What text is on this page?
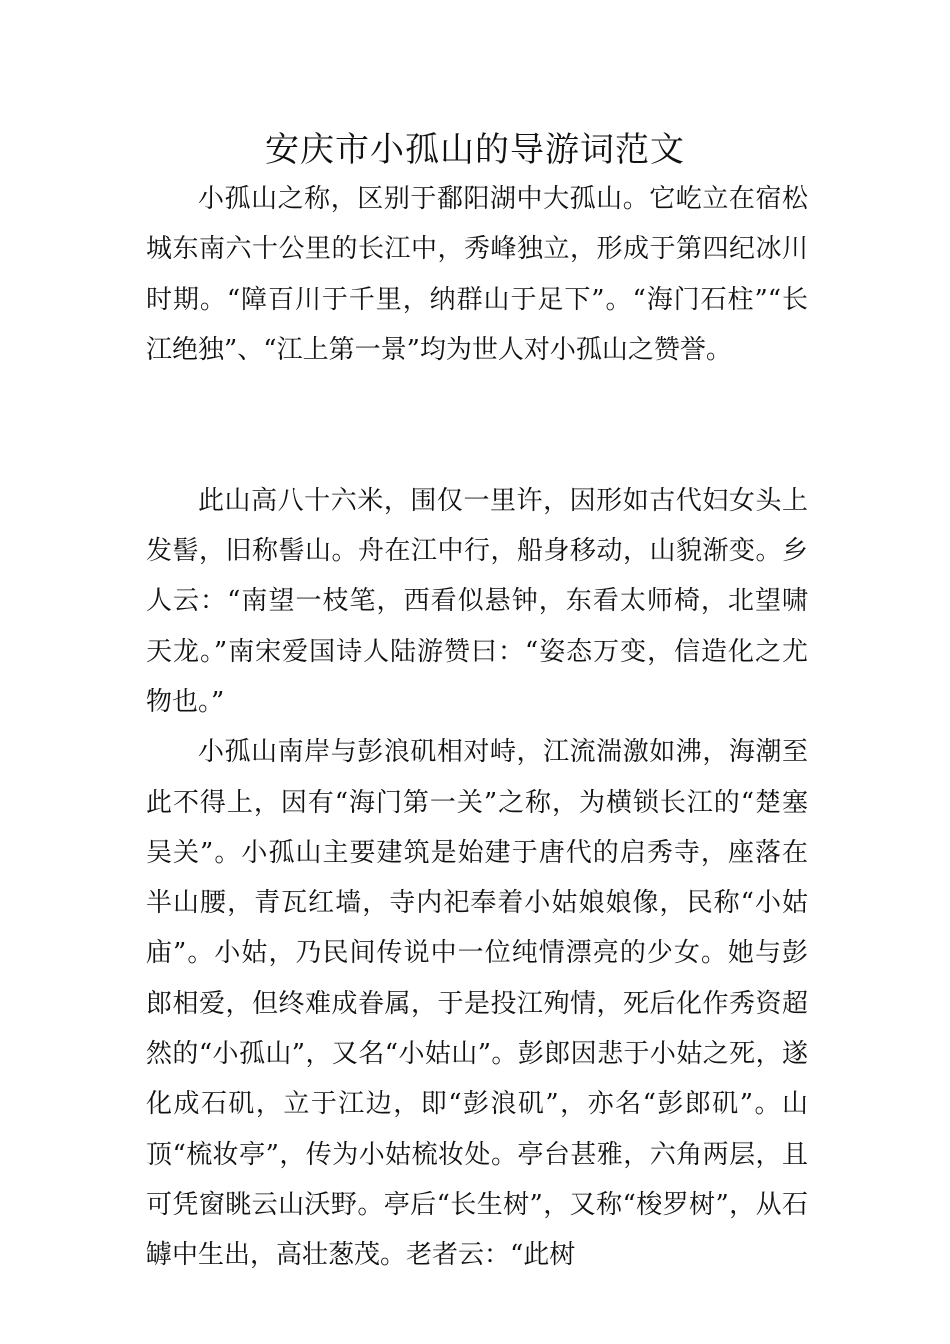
安庆市小孤山的导游词范文

小孤山之称，区别于鄱阳湖中大孤山。它屹立在宿松城东南六十公里的长江中，秀峰独立，形成于第四纪冰川时期。“障百川于千里，纳群山于足下”。“海门石柱”“长江绝独”、“江上第一景”均为世人对小孤山之赞誉。

此山高八十六米，围仅一里许，因形如古代妇女头上发髻，旧称髻山。舟在江中行，船身移动，山貌渐变。乡人云：“南望一枝笔，西看似悬钟，东看太师椅，北望啸天龙。”南宋爱国诗人陆游赞曰：“姿态万变，信造化之尤物也。”

小孤山南岸与彭浪矶相对峙，江流湍激如沸，海潮至此不得上，因有“海门第一关”之称，为横锁长江的“楚塞吴关”。小孤山主要建筑是始建于唐代的启秀寺，座落在半山腰，青瓦红墙，寺内祀奉着小姑娘娘像，民称“小姑庙”。小姑，乃民间传说中一位纯情漂亮的少女。她与彭郎相爱，但终难成眷属，于是投江殉情，死后化作秀资超然的“小孤山”，又名“小姑山”。彭郎因悲于小姑之死，遂化成石矶，立于江边，即“彭浪矶”，亦名“彭郎矶”。山顶“梳妆亭”，传为小姑梳妆处。亭台甚雅，六角两层，且可凭窗眺云山沃野。亭后“长生树”，又称“梭罗树”，从石罅中生出，高壮葱茂。老者云：“此树
